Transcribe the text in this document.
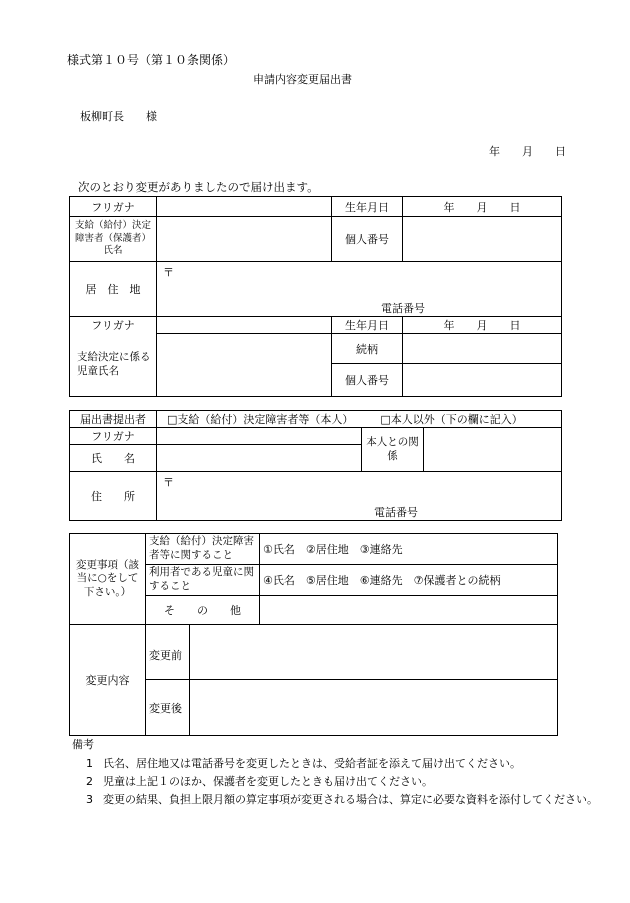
様式第１０号（第１０条関係）
申請内容変更届出書
板柳町長　　様
年　　月　　日
次のとおり変更がありましたので届け出ます。
フリガナ		生年月日	年　　月　　日
支給（給付）決定障害者（保護者）氏名		個人番号	
居　住　地	〒
電話番号		

フリガナ		生年月日	年　　月　　日
支給決定に係る児童氏名		続柄	
		個人番号	
届出書提出者	□支給（給付）決定障害者等（本人） □本人以外（下の欄に記入）		
フリガナ		本人との関係	
氏　　名			
住　　所	〒
電話番号		
変更事項（該当に○をして下さい。）	支給（給付）決定障害者等に関すること		①氏名　②居住地　③連絡先
	利用者である児童に関すること		④氏名　⑤居住地　⑥連絡先　⑦保護者との続柄
	そ　　の　　他		
変更内容	変更前		
	変更後		
備考
1 氏名、居住地又は電話番号を変更したときは、受給者証を添えて届け出てください。
2 児童は上記１のほか、保護者を変更したときも届け出てください。
3 変更の結果、負担上限月額の算定事項が変更される場合は、算定に必要な資料を添付してください。
